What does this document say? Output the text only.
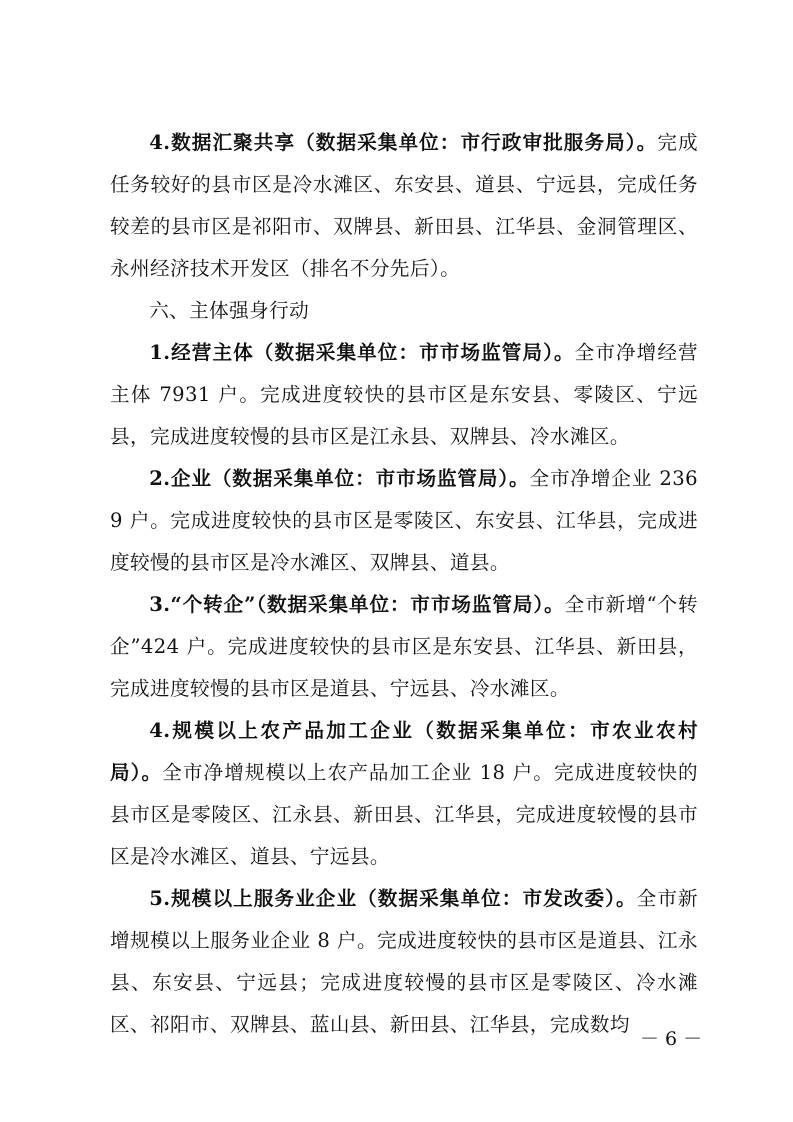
4.数据汇聚共享（数据采集单位：市行政审批服务局）。完成任务较好的县市区是冷水滩区、东安县、道县、宁远县，完成任务较差的县市区是祁阳市、双牌县、新田县、江华县、金洞管理区、永州经济技术开发区（排名不分先后）。

六、主体强身行动

1.经营主体（数据采集单位：市市场监管局）。全市净增经营主体 7931 户。完成进度较快的县市区是东安县、零陵区、宁远县，完成进度较慢的县市区是江永县、双牌县、冷水滩区。

2.企业（数据采集单位：市市场监管局）。全市净增企业 2369 户。完成进度较快的县市区是零陵区、东安县、江华县，完成进度较慢的县市区是冷水滩区、双牌县、道县。

3.“个转企”（数据采集单位：市市场监管局）。全市新增“个转企”424 户。完成进度较快的县市区是东安县、江华县、新田县，完成进度较慢的县市区是道县、宁远县、冷水滩区。

4.规模以上农产品加工企业（数据采集单位：市农业农村局）。全市净增规模以上农产品加工企业 18 户。完成进度较快的县市区是零陵区、江永县、新田县、江华县，完成进度较慢的县市区是冷水滩区、道县、宁远县。

5.规模以上服务业企业（数据采集单位：市发改委）。全市新增规模以上服务业企业 8 户。完成进度较快的县市区是道县、江永县、东安县、宁远县；完成进度较慢的县市区是零陵区、冷水滩区、祁阳市、双牌县、蓝山县、新田县、江华县，完成数均

－ 6 －
